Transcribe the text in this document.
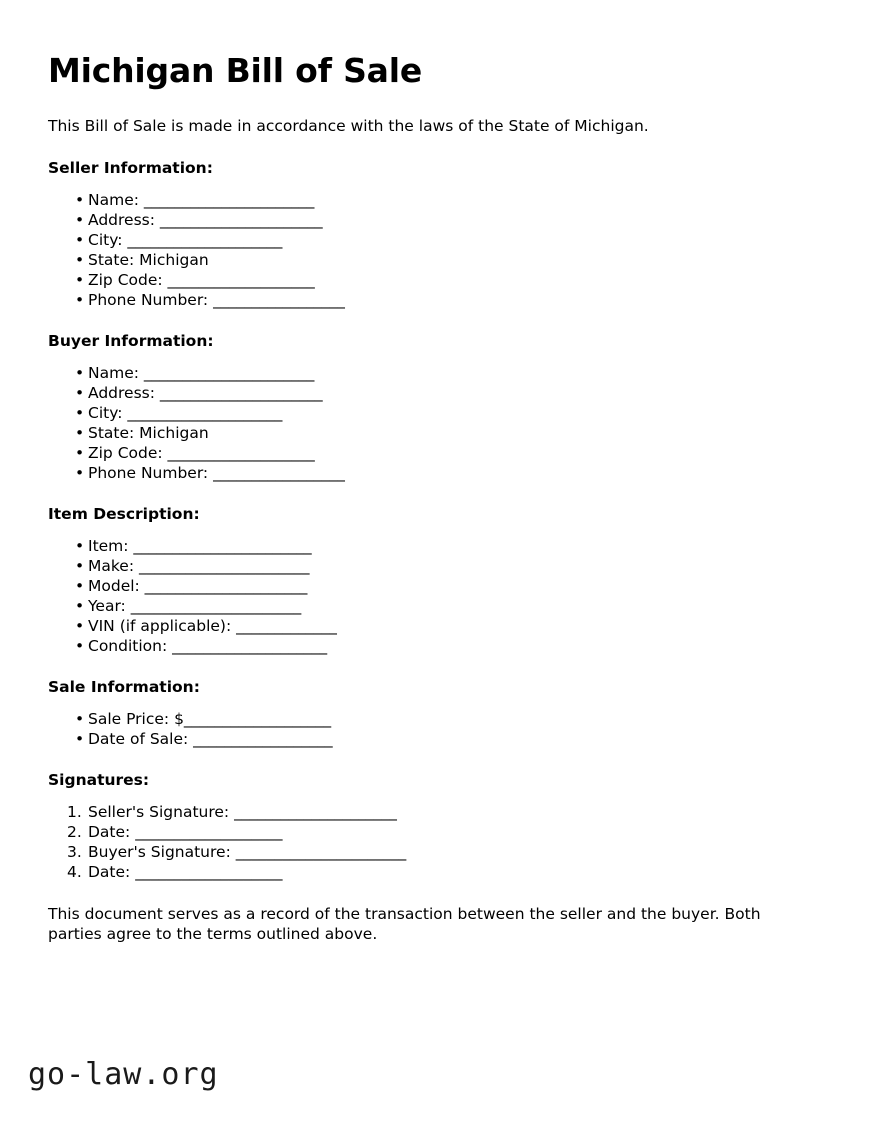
Michigan Bill of Sale

This Bill of Sale is made in accordance with the laws of the State of Michigan.

Seller Information:
• Name: ______________________
• Address: _____________________
• City: ____________________
• State: Michigan
• Zip Code: ___________________
• Phone Number: _________________
Buyer Information:
• Name: ______________________
• Address: _____________________
• City: ____________________
• State: Michigan
• Zip Code: ___________________
• Phone Number: _________________
Item Description:
• Item: _______________________
• Make: ______________________
• Model: _____________________
• Year: ______________________
• VIN (if applicable): _____________
• Condition: ____________________
Sale Information:
• Sale Price: $___________________
• Date of Sale: __________________
Signatures:
Seller's Signature: _____________________
Date: ___________________
Buyer's Signature: ______________________
Date: ___________________

This document serves as a record of the transaction between the seller and the buyer. Both parties agree to the terms outlined above.

go-law.org
